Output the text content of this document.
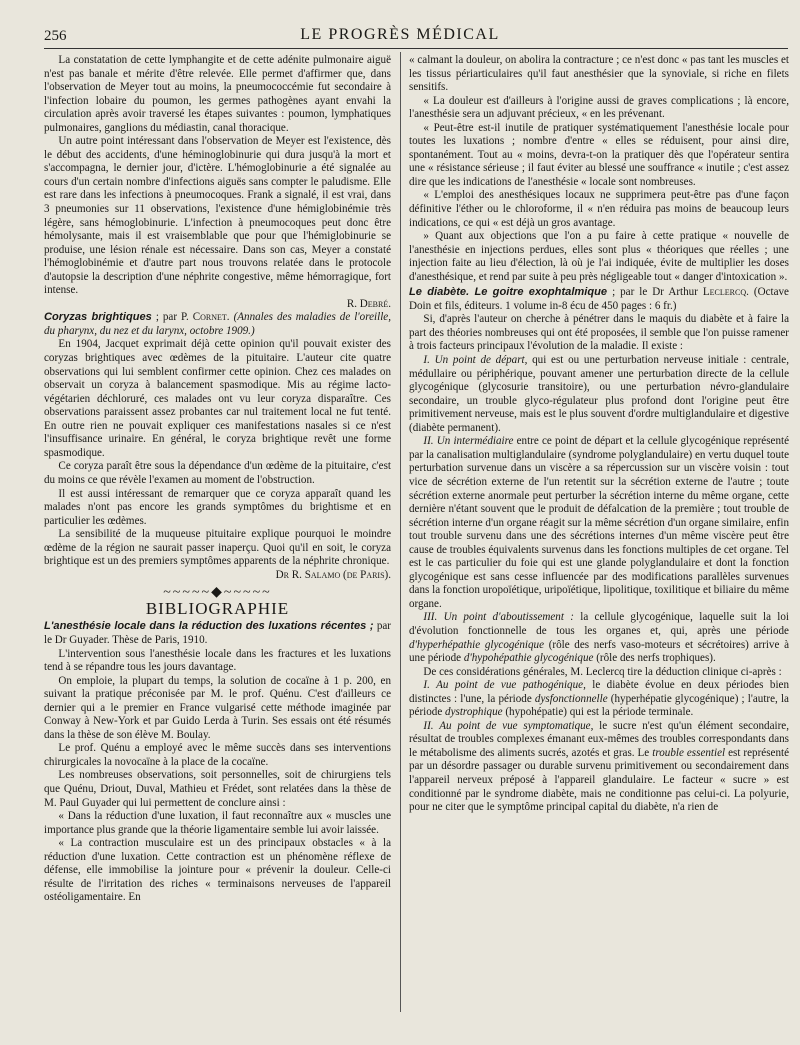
256	LE PROGRÈS MÉDICAL

La constatation de cette lymphangite et de cette adénite pulmonaire aiguë n'est pas banale et mérite d'être relevée. Elle permet d'affirmer que, dans l'observation de Meyer tout au moins, la pneumococcémie fut secondaire à l'infection lobaire du poumon, les germes pathogènes ayant envahi la circulation après avoir traversé les étapes suivantes : poumon, lymphatiques pulmonaires, ganglions du médiastin, canal thoracique.

Un autre point intéressant dans l'observation de Meyer est l'existence, dès le début des accidents, d'une héminoglobinurie qui dura jusqu'à la mort et s'accompagna, le dernier jour, d'ictère. L'hémoglobinurie a été signalée au cours d'un certain nombre d'infections aiguës sans compter le paludisme. Elle est rare dans les infections à pneumocoques. Frank a signalé, il est vrai, dans 3 pneumonies sur 11 observations, l'existence d'une hémiglobinémie très légère, sans hémoglobinurie. L'infection à pneumocoques peut donc être hémolysante, mais il est vraisemblable que pour que l'hémiglobinurie se produise, une lésion rénale est nécessaire. Dans son cas, Meyer a constaté l'hémoglobinémie et d'autre part nous trouvons relatée dans le protocole d'autopsie la description d'une néphrite congestive, même hémorragique, fort intense.

R. Debré.

Coryzas brightiques ; par P. Cornet. (Annales des maladies de l'oreille, du pharynx, du nez et du larynx, octobre 1909.)

En 1904, Jacquet exprimait déjà cette opinion qu'il pouvait exister des coryzas brightiques avec œdèmes de la pituitaire. L'auteur cite quatre observations qui lui semblent confirmer cette opinion. Chez ces malades on observait un coryza à balancement spasmodique. Mis au régime lacto-végétarien déchloruré, ces malades ont vu leur coryza disparaître. Ces observations paraissent assez probantes car nul traitement local ne fut tenté. En outre rien ne pouvait expliquer ces manifestations nasales si ce n'est l'insuffisance urinaire. En général, le coryza brightique revêt une forme spasmodique.

Ce coryza paraît être sous la dépendance d'un œdème de la pituitaire, c'est du moins ce que révèle l'examen au moment de l'obstruction.

Il est aussi intéressant de remarquer que ce coryza apparaît quand les malades n'ont pas encore les grands symptômes du brightisme et en particulier les œdèmes.

La sensibilité de la muqueuse pituitaire explique pourquoi le moindre œdème de la région ne saurait passer inaperçu. Quoi qu'il en soit, le coryza brightique est un des premiers symptômes apparents de la néphrite chronique.

Dr R. Salamo (de Paris).

~~~~~◆~~~~~
BIBLIOGRAPHIE

L'anesthésie locale dans la réduction des luxations récentes ; par le Dr Guyader. Thèse de Paris, 1910.

L'intervention sous l'anesthésie locale dans les fractures et les luxations tend à se répandre tous les jours davantage.

On emploie, la plupart du temps, la solution de cocaïne à 1 p. 200, en suivant la pratique préconisée par M. le prof. Quénu. C'est d'ailleurs ce dernier qui a le premier en France vulgarisé cette méthode imaginée par Conway à New-York et par Guido Lerda à Turin. Ses essais ont été résumés dans la thèse de son élève M. Boulay.

Le prof. Quénu a employé avec le même succès dans ses interventions chirurgicales la novocaïne à la place de la cocaïne.

Les nombreuses observations, soit personnelles, soit de chirurgiens tels que Quénu, Driout, Duval, Mathieu et Frédet, sont relatées dans la thèse de M. Paul Guyader qui lui permettent de conclure ainsi :

« Dans la réduction d'une luxation, il faut reconnaître aux « muscles une importance plus grande que la théorie ligamentaire semble lui avoir laissée.

« La contraction musculaire est un des principaux obstacles « à la réduction d'une luxation. Cette contraction est un phénomène réflexe de défense, elle immobilise la jointure pour « prévenir la douleur. Celle-ci résulte de l'irritation des riches « terminaisons nerveuses de l'appareil ostéoligamentaire. En

« calmant la douleur, on abolira la contracture ; ce n'est donc « pas tant les muscles et les tissus périarticulaires qu'il faut anesthésier que la synoviale, si riche en filets sensitifs.

« La douleur est d'ailleurs à l'origine aussi de graves complications ; là encore, l'anesthésie sera un adjuvant précieux, « en les prévenant.

« Peut-être est-il inutile de pratiquer systématiquement l'anesthésie locale pour toutes les luxations ; nombre d'entre « elles se réduisent, pour ainsi dire, spontanément. Tout au « moins, devra-t-on la pratiquer dès que l'opérateur sentira une « résistance sérieuse ; il faut éviter au blessé une souffrance « inutile ; c'est assez dire que les indications de l'anesthésie « locale sont nombreuses.

« L'emploi des anesthésiques locaux ne supprimera peut-être pas d'une façon définitive l'éther ou le chloroforme, il « n'en réduira pas moins de beaucoup leurs indications, ce qui « est déjà un gros avantage.

» Quant aux objections que l'on a pu faire à cette pratique « nouvelle de l'anesthésie en injections perdues, elles sont plus « théoriques que réelles ; une injection faite au lieu d'élection, là où je l'ai indiquée, évite de multiplier les doses d'anesthésique, et rend par suite à peu près négligeable tout « danger d'intoxication ».

Le diabète. Le goitre exophtalmique ; par le Dr Arthur Leclercq. (Octave Doin et fils, éditeurs. 1 volume in-8 écu de 450 pages : 6 fr.)

Si, d'après l'auteur on cherche à pénétrer dans le maquis du diabète et à faire la part des théories nombreuses qui ont été proposées, il semble que l'on puisse ramener à trois facteurs principaux l'évolution de la maladie. Il existe :

I. Un point de départ, qui est ou une perturbation nerveuse initiale : centrale, médullaire ou périphérique, pouvant amener une perturbation directe de la cellule glycogénique (glycosurie transitoire), ou une perturbation névro-glandulaire secondaire, un trouble glyco-régulateur plus profond dont l'origine peut être primitivement nerveuse, mais est le plus souvent d'ordre multiglandulaire et digestive (diabète permanent).

II. Un intermédiaire entre ce point de départ et la cellule glycogénique représenté par la canalisation multiglandulaire (syndrome polyglandulaire) en vertu duquel toute perturbation survenue dans un viscère a sa répercussion sur un viscère voisin : tout vice de sécrétion externe de l'un retentit sur la sécrétion externe de l'autre ; toute sécrétion externe anormale peut perturber la sécrétion interne du même organe, cette dernière n'étant souvent que le produit de défalcation de la première ; tout trouble de sécrétion interne d'un organe réagit sur la même sécrétion d'un organe similaire, enfin tout trouble survenu dans une des sécrétions internes d'un même viscère peut être cause de troubles équivalents survenus dans les fonctions multiples de cet organe. Tel est le cas particulier du foie qui est une glande polyglandulaire et dont la fonction glycogénique est sans cesse influencée par des modifications parallèles survenues dans la fonction uropoïétique, uripoïétique, lipolitique, toxilitique et biliaire du même organe.

III. Un point d'aboutissement : la cellule glycogénique, laquelle suit la loi d'évolution fonctionnelle de tous les organes et, qui, après une période d'hyperhépathie glycogénique (rôle des nerfs vaso-moteurs et sécrétoires) arrive à une période d'hypohépathie glycogénique (rôle des nerfs trophiques).

De ces considérations générales, M. Leclercq tire la déduction clinique ci-après :

I. Au point de vue pathogénique, le diabète évolue en deux périodes bien distinctes : l'une, la période dysfonctionnelle (hyperhépatie glycogénique) ; l'autre, la période dystrophique (hypohépatie) qui est la période terminale.

II. Au point de vue symptomatique, le sucre n'est qu'un élément secondaire, résultat de troubles complexes émanant eux-mêmes des troubles correspondants dans le métabolisme des aliments sucrés, azotés et gras. Le trouble essentiel est représenté par un désordre passager ou durable survenu primitivement ou secondairement dans l'appareil nerveux préposé à l'appareil glandulaire. Le facteur « sucre » est conditionné par le syndrome diabète, mais ne conditionne pas celui-ci. La polyurie, pour ne citer que le symptôme principal capital du diabète, n'a rien de
